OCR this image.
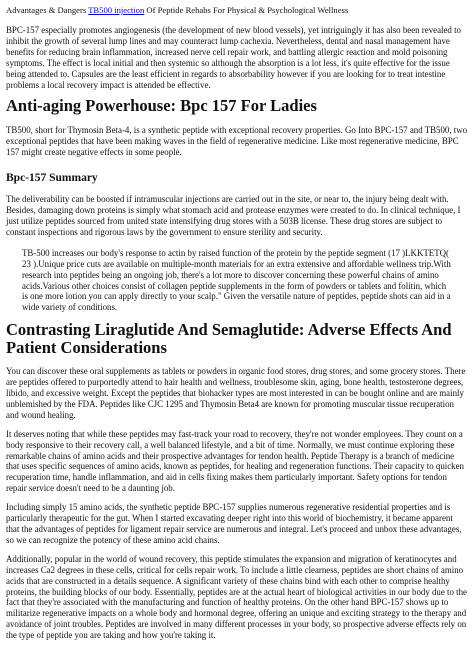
Advantages & Dangers TB500 injection Of Peptide Rehabs For Physical & Psychological Wellness

BPC-157 especially promotes angiogenesis (the development of new blood vessels), yet intriguingly it has also been revealed to inhibit the growth of several lump lines and may counteract lump cachexia. Nevertheless, dental and nasal management have benefits for reducing brain inflammation, increased nerve cell repair work, and battling allergic reaction and mold poisoning symptoms. The effect is local initial and then systemic so although the absorption is a lot less, it's quite effective for the issue being attended to. Capsules are the least efficient in regards to absorbability however if you are looking for to treat intestine problems a local recovery impact is attended be effective.

Anti-aging Powerhouse: Bpc 157 For Ladies

TB500, short for Thymosin Beta-4, is a synthetic peptide with exceptional recovery properties. Go Into BPC-157 and TB500, two exceptional peptides that have been making waves in the field of regenerative medicine. Like most regenerative medicine, BPC 157 might create negative effects in some people.

Bpc-157 Summary

The deliverability can be boosted if intramuscular injections are carried out in the site, or near to, the injury being dealt with. Besides, damaging down proteins is simply what stomach acid and protease enzymes were created to do. In clinical technique, I just utilize peptides sourced from united state intensifying drug stores with a 503B license. These drug stores are subject to constant inspections and rigorous laws by the government to ensure sterility and security.

TB-500 increases our body's response to actin by raised function of the protein by the peptide segment (17 )LKKTETQ( 23 ).Unique price cuts are available on multiple-month materials for an extra extensive and affordable wellness trip.With research into peptides being an ongoing job, there's a lot more to discover concerning these powerful chains of amino acids.Various other choices consist of collagen peptide supplements in the form of powders or tablets and folitin, which is one more lotion you can apply directly to your scalp." Given the versatile nature of peptides, peptide shots can aid in a wide variety of conditions.
Contrasting Liraglutide And Semaglutide: Adverse Effects And Patient Considerations

You can discover these oral supplements as tablets or powders in organic food stores, drug stores, and some grocery stores. There are peptides offered to purportedly attend to hair health and wellness, troublesome skin, aging, bone health, testosterone degrees, libido, and excessive weight. Except the peptides that biohacker types are most interested in can be bought online and are mainly unblemished by the FDA. Peptides like CJC 1295 and Thymosin Beta4 are known for promoting muscular tissue recuperation and wound healing.

It deserves noting that while these peptides may fast-track your road to recovery, they're not wonder employees. They count on a body responsive to their recovery call, a well balanced lifestyle, and a bit of time. Normally, we must continue exploring these remarkable chains of amino acids and their prospective advantages for tendon health. Peptide Therapy is a branch of medicine that uses specific sequences of amino acids, known as peptides, for healing and regeneration functions. Their capacity to quicken recuperation time, handle inflammation, and aid in cells fixing makes them particularly important. Safety options for tendon repair service doesn't need to be a daunting job.

Including simply 15 amino acids, the synthetic peptide BPC-157 supplies numerous regenerative residential properties and is particularly therapeutic for the gut. When I started excavating deeper right into this world of biochemistry, it became apparent that the advantages of peptides for ligament repair service are numerous and integral. Let's proceed and unbox these advantages, so we can recognize the potency of these amino acid chains.

Additionally, popular in the world of wound recovery, this peptide stimulates the expansion and migration of keratinocytes and increases Ca2 degrees in these cells, critical for cells repair work. To include a little clearness, peptides are short chains of amino acids that are constructed in a details sequence. A significant variety of these chains bind with each other to comprise healthy proteins, the building blocks of our body. Essentially, peptides are at the actual heart of biological activities in our body due to the fact that they're associated with the manufacturing and function of healthy proteins. On the other hand BPC-157 shows up to militarize regenerative impacts on a whole body and hormonal degree, offering an unique and exciting strategy to the therapy and avoidance of joint troubles. Peptides are involved in many different processes in your body, so prospective adverse effects rely on the type of peptide you are taking and how you're taking it.
